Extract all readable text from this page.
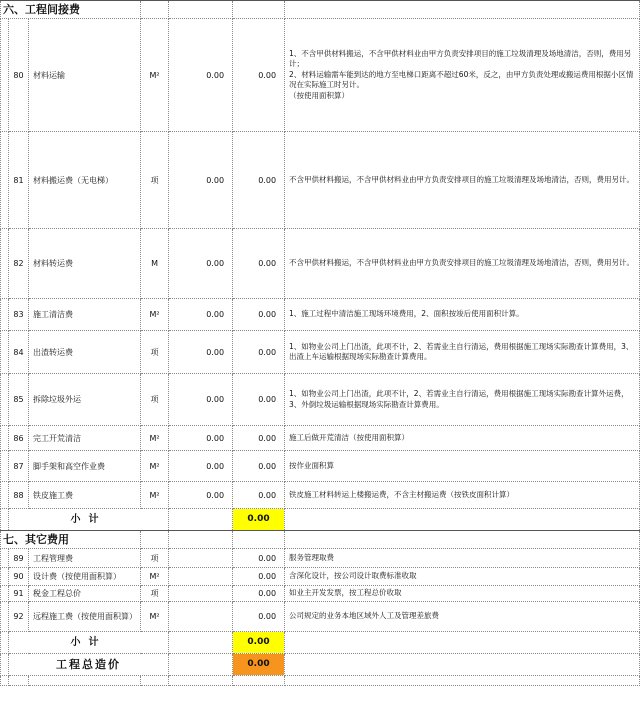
六、工程间接费						
	80	材料运输	M²	0.00	0.00	1、不含甲供材料搬运，不含甲供材料业由甲方负责安排项目的施工垃圾清理及场地清洁，否则，费用另计；
2、材料运输需车能到达的地方至电梯口距离不超过60米，反之，由甲方负责处理或搬运费用根据小区情况在实际施工时另计。
（按使用面积算）
	81	材料搬运费（无电梯）	项	0.00	0.00	不含甲供材料搬运，不含甲供材料业由甲方负责安排项目的施工垃圾清理及场地清洁，否则，费用另计。
	82	材料转运费	M	0.00	0.00	不含甲供材料搬运，不含甲供材料业由甲方负责安排项目的施工垃圾清理及场地清洁，否则，费用另计。
	83	施工清洁费	M²	0.00	0.00	1、施工过程中清洁施工现场环境费用，2、面积按竣后使用面积计算。
	84	出渣转运费	项	0.00	0.00	1、如物业公司上门出渣，此项不计，2、若需业主自行清运，费用根据施工现场实际勘查计算费用，3、出渣上车运输根据现场实际勘查计算费用。
	85	拆除垃圾外运	项	0.00	0.00	1、如物业公司上门出渣，此项不计，2、若需业主自行清运，费用根据施工现场实际勘查计算外运费，3、外倒垃圾运输根据现场实际勘查计算费用。
	86	完工开荒清洁	M²	0.00	0.00	施工后做开荒清洁（按使用面积算）
	87	脚手架和高空作业费	M²	0.00	0.00	按作业面积算
	88	铁皮施工费	M²	0.00	0.00	铁皮施工材料转运上楼搬运费，不含主材搬运费（按铁皮面积计算）
	小计				0.00	
七、其它费用						
	89	工程管理费	项		0.00	服务管理取费
	90	设计费（按使用面积算）	M²		0.00	含深化设计，按公司设计取费标准收取
	91	税金工程总价	项		0.00	如业主开发发票，按工程总价收取
	92	远程施工费（按使用面积算）	M²		0.00	公司规定的业务本地区域外人工及管理差旅费
	小计				0.00	
	工程总造价				0.00	
